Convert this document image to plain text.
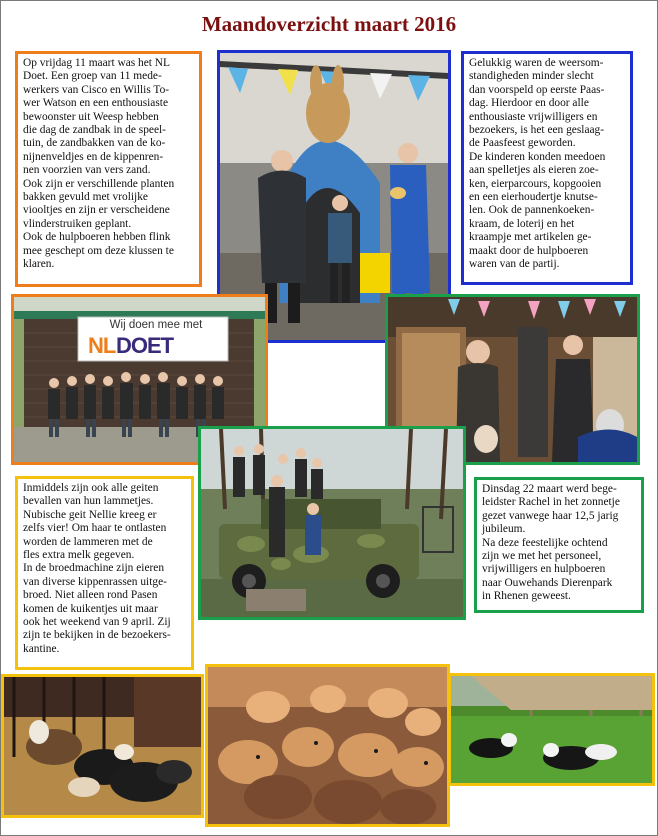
Maandoverzicht maart 2016
Op vrijdag 11 maart was het NL
Doet. Een groep van 11 mede-
werkers van Cisco en Willis To-
wer Watson en een enthousiaste
bewoonster uit Weesp hebben
die dag de zandbak in de speel-
tuin, de zandbakken van de ko-
nijnenveldjes en de kippenren-
nen voorzien van vers zand.
Ook zijn er verschillende planten
bakken gevuld met vrolijke
viooltjes en zijn er verscheidene
vlinderstruiken geplant.
Ook de hulpboeren hebben flink
mee geschept om deze klussen te
klaren.
Gelukkig waren de weersom-
standigheden minder slecht
dan voorspeld op eerste Paas-
dag. Hierdoor en door alle
enthousiaste vrijwilligers en
bezoekers, is het een geslaag-
de Paasfeest geworden.
De kinderen konden meedoen
aan spelletjes als eieren zoe-
ken, eierparcours, kopgooien
en een eierhoudertje knutse-
len. Ook de pannenkoeken-
kraam, de loterij en het
kraampje met artikelen ge-
maakt door de hulpboeren
waren van de partij.
Wij doen mee met
NL DOET
Inmiddels zijn ook alle geiten
bevallen van hun lammetjes.
Nubische geit Nellie kreeg er
zelfs vier! Om haar te ontlasten
worden de lammeren met de
fles extra melk gegeven.
In de broedmachine zijn eieren
van diverse kippenrassen uitge-
broed. Niet alleen rond Pasen
komen de kuikentjes uit maar
ook het weekend van 9 april. Zij
zijn te bekijken in de bezoekers-
kantine.
Dinsdag 22 maart werd bege-
leidster Rachel in het zonnetje
gezet vanwege haar 12,5 jarig
jubileum.
Na deze feestelijke ochtend
zijn we met het personeel,
vrijwilligers en hulpboeren
naar Ouwehands Dierenpark
in Rhenen geweest.
